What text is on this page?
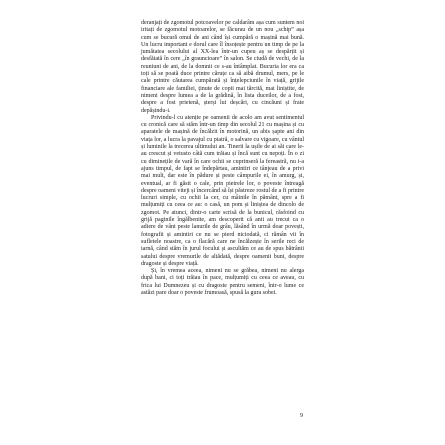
deranjați de zgomotul potcoavelor pe caldarâm așa cum suntem noi iritați de zgomotul motoarelor, se făcurau de un nou „schip” așa cum se bucură omul de ani când își cumpără o mașină mai bună. Un lucru important e dorul care îl însoțește pentru un timp de pe la jumătatea secolului al XX-lea într-un cupeu aș se despărțit și desfătată în cere „în grauncioare” în salon. Se ciudă de vechi, de la reuniuni de ani, de la domnii ce s-au întâmplat. Bucuria lor era ca toți să se poată duce printre căruțe ca să aibă drumul, mers, pe le cale printre căutarea cumpărată și înțelepciunile în viață, grijile financiare ale familiei, ținute de copii mai tărcită, mai liniștite, de nimeni despre lumea a de la grădină, în lista duceilor, de a fost, despre a fost prietenă, șterși lui deșcări, cu cincăuni și frate depășindu-i.

Privindu-l cu atenție pe oamenii de acolo am avut sentimentul cu cronică care să stăm într-un timp din secolul 21 cu mașina și cu aparatele de mașină de încălzit în motorină, un abis șapte ani din viața lor, a lucra la pavajul cu piatră, o salvare cu vigoare, cu vântul și luminile la trecerea ultimului an. Tinerii la ușile de ai săi care le-au crescut și vetusto câtă cum trăiau și încă sunt cu nepoți. În o zi cu diminețile de vară în care ochii se cuprinseră la fereastră, nu i-a ajuns timpul, de fapt se îndepărtau, amintiri ce tânjeau de a privi mai mult, dar este în pădure și peste câmpurile ei, în amurg, și, eventual, ar fi găsit o cale, prin pietrele lor, o poveste întreagă despre oameni viteji și încercând să își păstreze rostul de a fi printre lucruri simple, cu ochii la cer, cu mâinile în pământ, spre a fi mulțumiți cu ceea ce au: o casă, un pom și liniștea de dincolo de zgomot. Pe atunci, dintr-o carte scrisă de la bunicul, răsfoind cu grijă paginile îngălbenite, am descoperit că anii au trecut ca o adiere de vânt peste lanurile de grâu, lăsând în urmă doar povești, fotografii și amintiri ce nu se pierd niciodată, ci rămân vii în sufletele noastre, ca o flacără care ne încălzește în serile reci de iarnă, când stăm în jurul focului și ascultăm ce au de spus bătrânii satului despre vremurile de altădată, despre oamenii buni, despre dragoste și despre viață.

Și, în vremea aceea, nimeni nu se grăbea, nimeni nu alerga după bani, ci toți trăiau în pace, mulțumiți cu ceea ce aveau, cu frica lui Dumnezeu și cu dragoste pentru semeni, într-o lume ce astăzi pare doar o poveste frumoasă, spusă la gura sobei.

9
